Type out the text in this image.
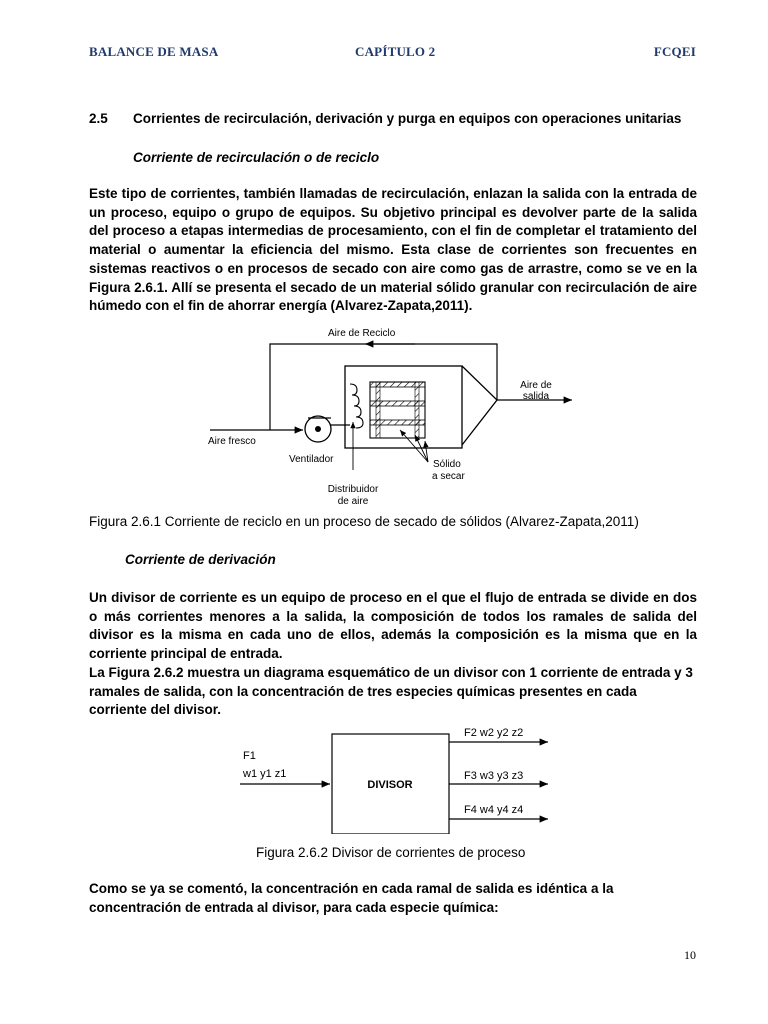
BALANCE DE MASA	CAPÍTULO 2	FCQEI
2.5 Corrientes de recirculación, derivación y purga en equipos con operaciones unitarias
Corriente de recirculación o de reciclo

Este tipo de corrientes, también llamadas de recirculación, enlazan la salida con la entrada de un proceso, equipo o grupo de equipos. Su objetivo principal es devolver parte de la salida del proceso a etapas intermedias de procesamiento, con el fin de completar el tratamiento del material o aumentar la eficiencia del mismo. Esta clase de corrientes son frecuentes en sistemas reactivos o en procesos de secado con aire como gas de arrastre, como se ve en la Figura 2.6.1. Allí se presenta el secado de un material sólido granular con recirculación de aire húmedo con el fin de ahorrar energía (Alvarez-Zapata,2011).

Aire de Reciclo
Aire de
salida
Aire fresco
Ventilador	Sólido
a secar
Distribuidor
de aire
Figura 2.6.1 Corriente de reciclo en un proceso de secado de sólidos (Alvarez-Zapata,2011)
Corriente de derivación

Un divisor de corriente es un equipo de proceso en el que el flujo de entrada se divide en dos o más corrientes menores a la salida, la composición de todos los ramales de salida del divisor es la misma en cada uno de ellos, además la composición es la misma que en la corriente principal de entrada.

La Figura 2.6.2 muestra un diagrama esquemático de un divisor con 1 corriente de entrada y 3 ramales de salida, con la concentración de tres especies químicas presentes en cada corriente del divisor.

DIVISOR
F1
w1 y1 z1
F2 w2 y2 z2
F3 w3 y3 z3
F4 w4 y4 z4
Figura 2.6.2 Divisor de corrientes de proceso

Como se ya se comentó, la concentración en cada ramal de salida es idéntica a la concentración de entrada al divisor, para cada especie química:

10
